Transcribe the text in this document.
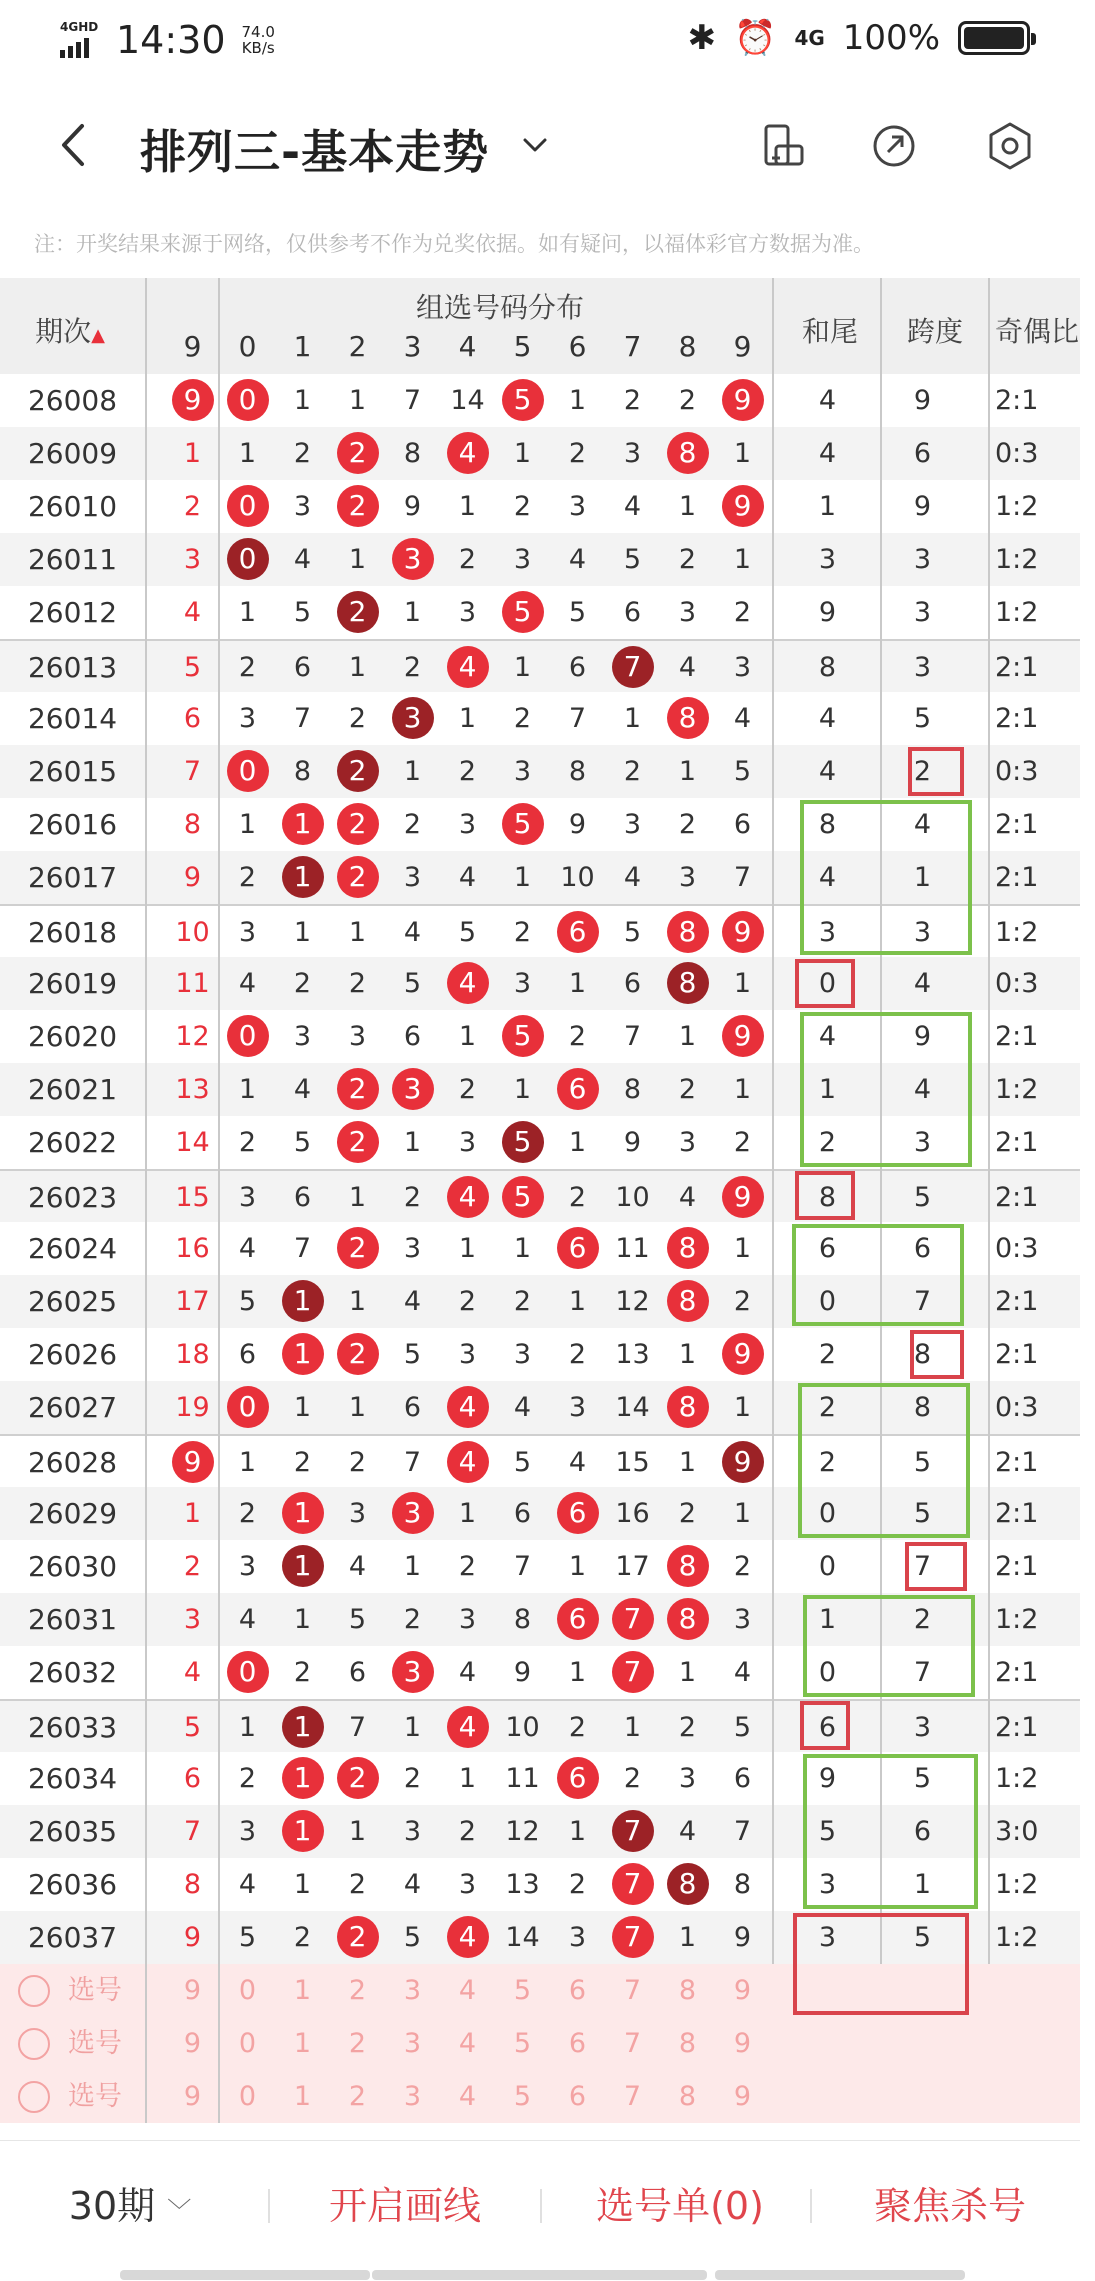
4GHD 14:30 74.0
KB/s	✱ ⏰ 4G 100%
排列三-基本走势
注：开奖结果来源于网络，仅供参考不作为兑奖依据。如有疑问，以福体彩官方数据为准。
期次▲
组选号码分布
和尾	跨度	奇偶比
9	0	1	2	3	4	5	6	7	8	9
26008	9	0	1	1	7	14	5	1	2	2	9	4	9	2:1
26009	1	1	2	2	8	4	1	2	3	8	1	4	6	0:3
26010	2	0	3	2	9	1	2	3	4	1	9	1	9	1:2
26011	3	0	4	1	3	2	3	4	5	2	1	3	3	1:2
26012	4	1	5	2	1	3	5	5	6	3	2	9	3	1:2
26013	5	2	6	1	2	4	1	6	7	4	3	8	3	2:1
26014	6	3	7	2	3	1	2	7	1	8	4	4	5	2:1
26015	7	0	8	2	1	2	3	8	2	1	5	4	2	0:3
26016	8	1	1	2	2	3	5	9	3	2	6	8	4	2:1
26017	9	2	1	2	3	4	1	10	4	3	7	4	1	2:1
26018	10	3	1	1	4	5	2	6	5	8	9	3	3	1:2
26019	11	4	2	2	5	4	3	1	6	8	1	0	4	0:3
26020	12	0	3	3	6	1	5	2	7	1	9	4	9	2:1
26021	13	1	4	2	3	2	1	6	8	2	1	1	4	1:2
26022	14	2	5	2	1	3	5	1	9	3	2	2	3	2:1
26023	15	3	6	1	2	4	5	2	10	4	9	8	5	2:1
26024	16	4	7	2	3	1	1	6	11	8	1	6	6	0:3
26025	17	5	1	1	4	2	2	1	12	8	2	0	7	2:1
26026	18	6	1	2	5	3	3	2	13	1	9	2	8	2:1
26027	19	0	1	1	6	4	4	3	14	8	1	2	8	0:3
26028	9	1	2	2	7	4	5	4	15	1	9	2	5	2:1
26029	1	2	1	3	3	1	6	6	16	2	1	0	5	2:1
26030	2	3	1	4	1	2	7	1	17	8	2	0	7	2:1
26031	3	4	1	5	2	3	8	6	7	8	3	1	2	1:2
26032	4	0	2	6	3	4	9	1	7	1	4	0	7	2:1
26033	5	1	1	7	1	4	10	2	1	2	5	6	3	2:1
26034	6	2	1	2	2	1	11	6	2	3	6	9	5	1:2
26035	7	3	1	1	3	2	12	1	7	4	7	5	6	3:0
26036	8	4	1	2	4	3	13	2	7	8	8	3	1	1:2
26037	9	5	2	2	5	4	14	3	7	1	9	3	5	1:2
选号	9	0	1	2	3	4	5	6	7	8	9
选号	9	0	1	2	3	4	5	6	7	8	9
选号	9	0	1	2	3	4	5	6	7	8	9
30期 ﹀	开启画线	选号单(0)	聚焦杀号
